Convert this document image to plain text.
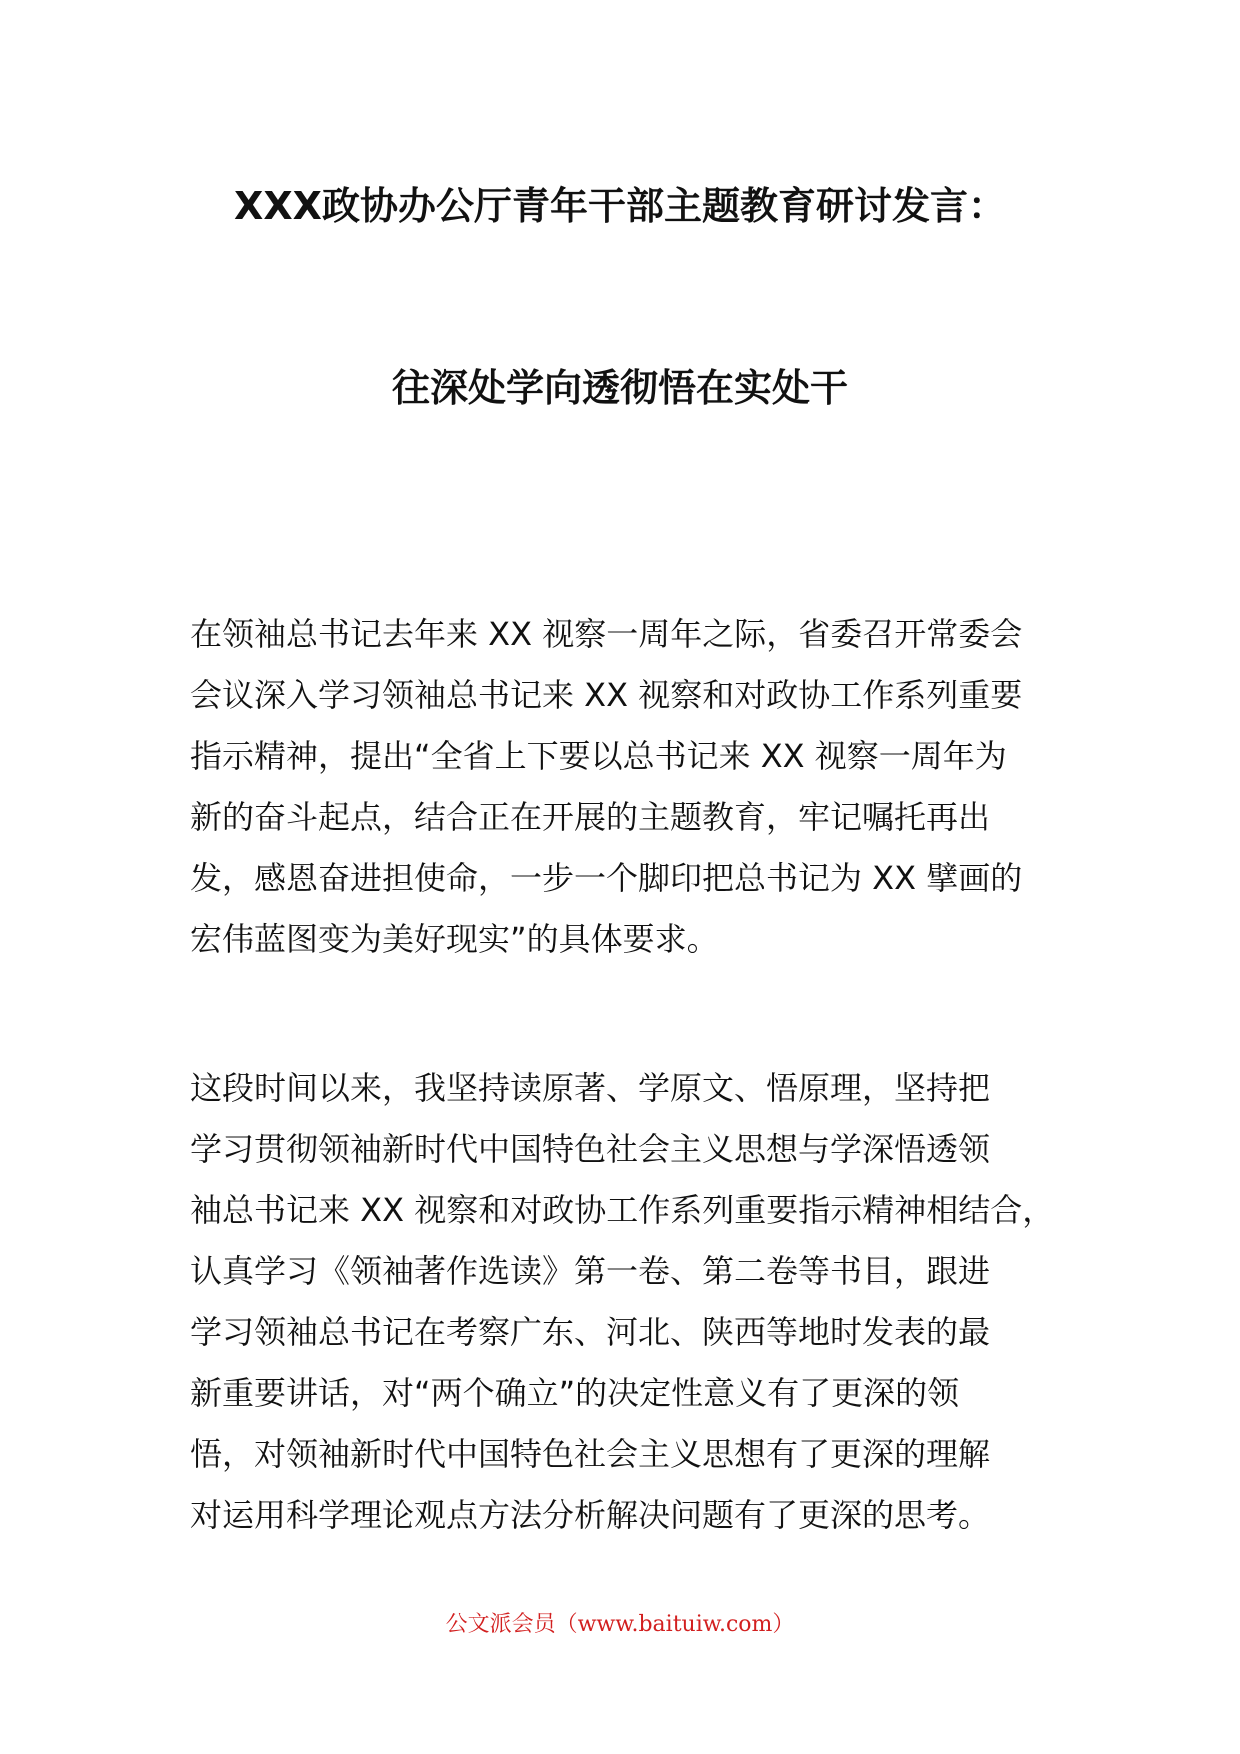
XXX政协办公厅青年干部主题教育研讨发言：
往深处学向透彻悟在实处干
在领袖总书记去年来 XX 视察一周年之际，省委召开常委会
会议深入学习领袖总书记来 XX 视察和对政协工作系列重要
指示精神，提出“全省上下要以总书记来 XX 视察一周年为
新的奋斗起点，结合正在开展的主题教育，牢记嘱托再出
发，感恩奋进担使命，一步一个脚印把总书记为 XX 擘画的
宏伟蓝图变为美好现实”的具体要求。
这段时间以来，我坚持读原著、学原文、悟原理，坚持把
学习贯彻领袖新时代中国特色社会主义思想与学深悟透领
袖总书记来 XX 视察和对政协工作系列重要指示精神相结合，
认真学习《领袖著作选读》第一卷、第二卷等书目，跟进
学习领袖总书记在考察广东、河北、陕西等地时发表的最
新重要讲话，对“两个确立”的决定性意义有了更深的领
悟，对领袖新时代中国特色社会主义思想有了更深的理解
对运用科学理论观点方法分析解决问题有了更深的思考。
公文派会员（www.baituiw.com）
